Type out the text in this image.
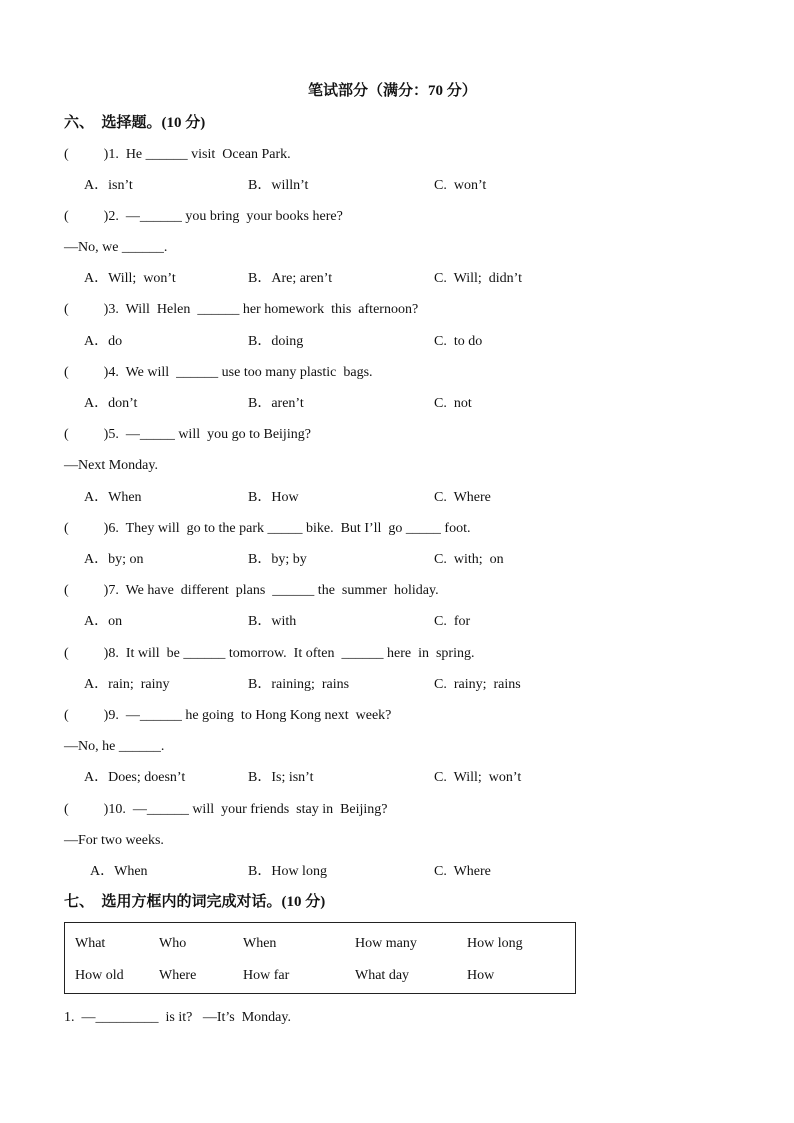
笔试部分（满分：70 分）
六、  选择题。(10 分)
(          )1.  He ______ visit  Ocean Park.
A．isn’t	B．willn’t	C.  won’t
(          )2.  —______ you bring  your books here?
—No, we ______.
A．Will;  won’t	B．Are; aren’t	C.  Will;  didn’t
(          )3.  Will  Helen  ______ her homework  this  afternoon?
A．do	B．doing	C.  to do
(          )4.  We will  ______ use too many plastic  bags.
A．don’t	B．aren’t	C.  not
(          )5.  —_____ will  you go to Beijing?
—Next Monday.
A．When	B．How	C.  Where
(          )6.  They will  go to the park _____ bike.  But I’ll  go _____ foot.
A．by; on	B．by; by	C.  with;  on
(          )7.  We have  different  plans  ______ the  summer  holiday.
A．on	B．with	C.  for
(          )8.  It will  be ______ tomorrow.  It often  ______ here  in  spring.
A．rain;  rainy	B．raining;  rains	C.  rainy;  rains
(          )9.  —______ he going  to Hong Kong next  week?
—No, he ______.
A．Does; doesn’t	B．Is; isn’t	C.  Will;  won’t
(          )10.  —______ will  your friends  stay in  Beijing?
—For two weeks.
A．When	B．How long	C.  Where
七、  选用方框内的词完成对话。(10 分)
What	Who	When	How many	How long
How old	Where	How far	What day	How
1.  —_________  is it?   —It’s  Monday.
